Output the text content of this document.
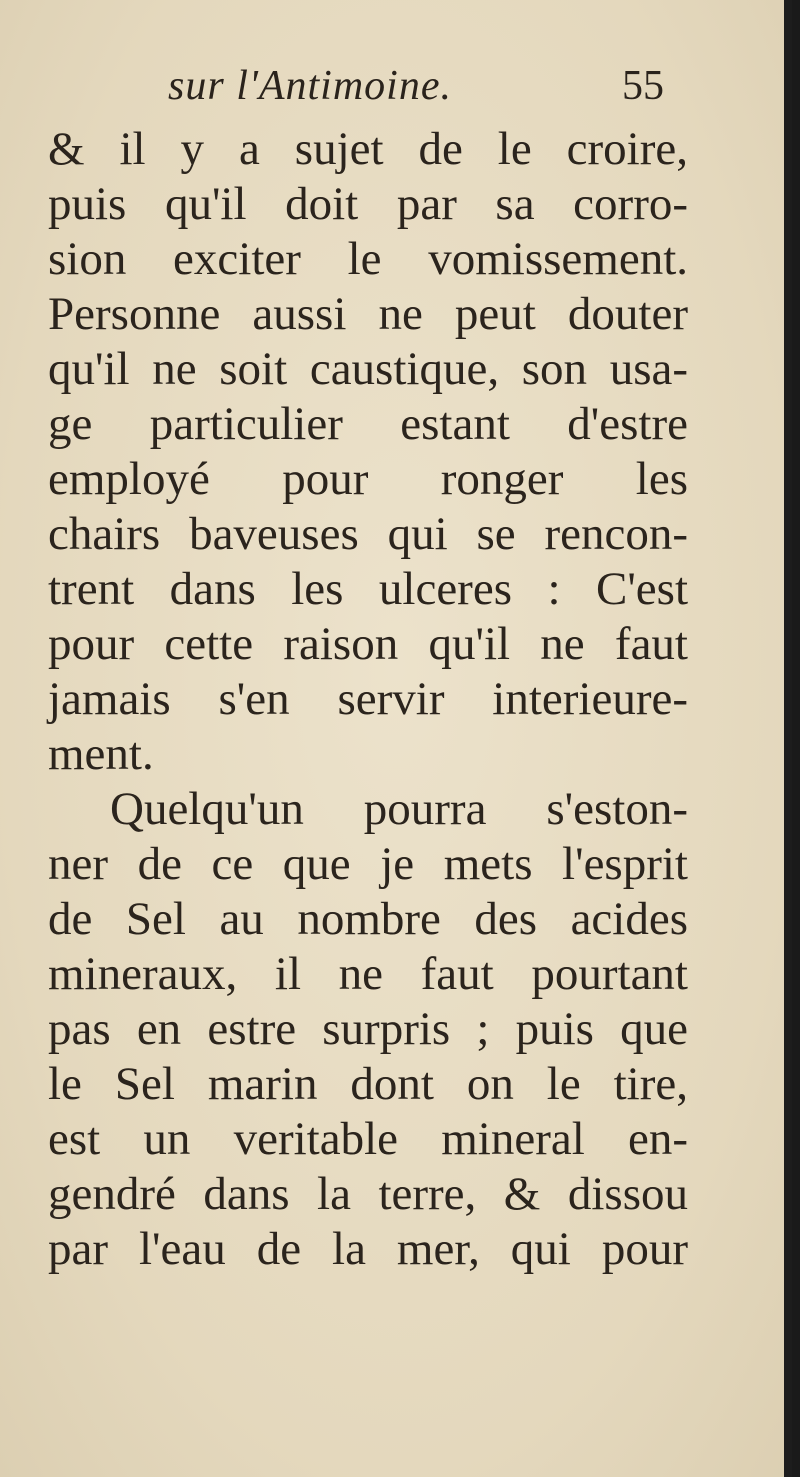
sur l'Antimoine.	55
& il y a sujet de le croire,
puis qu'il doit par sa corro-
sion exciter le vomissement.
Personne aussi ne peut douter
qu'il ne soit caustique, son usa-
ge particulier estant d'estre
employé pour ronger les
chairs baveuses qui se rencon-
trent dans les ulceres : C'est
pour cette raison qu'il ne faut
jamais s'en servir interieure-
ment.
Quelqu'un pourra s'eston-
ner de ce que je mets l'esprit
de Sel au nombre des acides
mineraux, il ne faut pourtant
pas en estre surpris ; puis que
le Sel marin dont on le tire,
est un veritable mineral en-
gendré dans la terre, & dissou
par l'eau de la mer, qui pour
